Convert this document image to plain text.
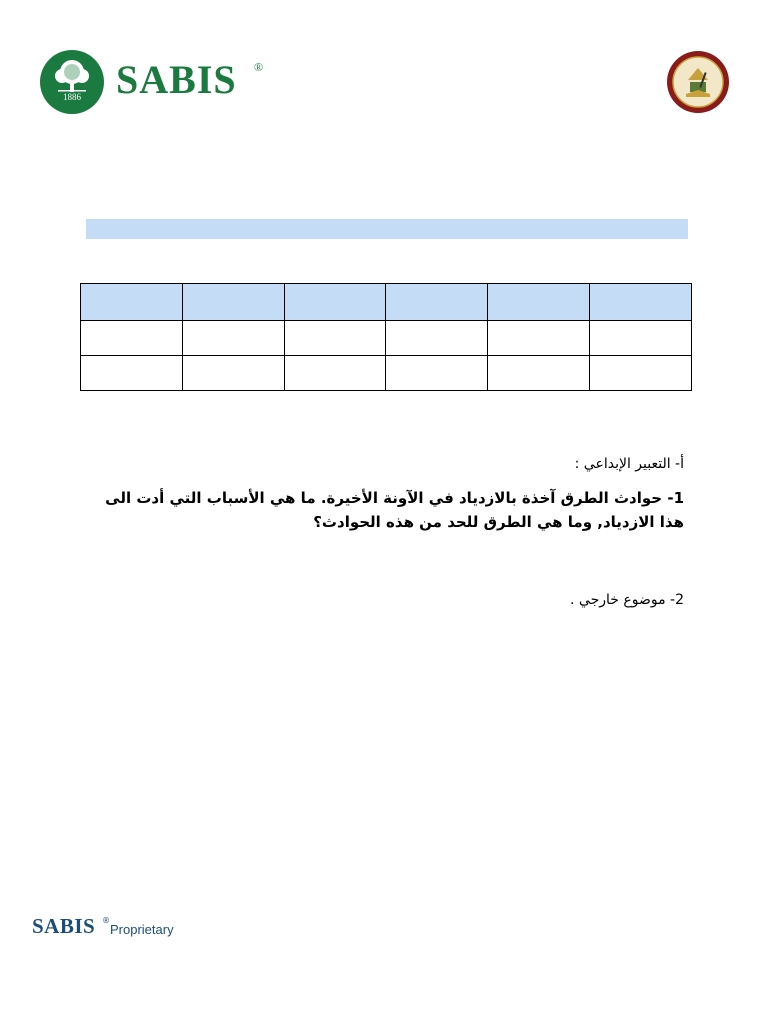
1886 SABIS ®

أ- التعبير الإبداعي :
1- حوادث الطرق آخذة بالازدياد في الآونة الأخيرة. ما هي الأسباب التي أدت الى هذا الازدياد, وما هي الطرق للحد من هذه الحوادث؟
2- موضوع خارجي .
SABIS ®
Proprietary
